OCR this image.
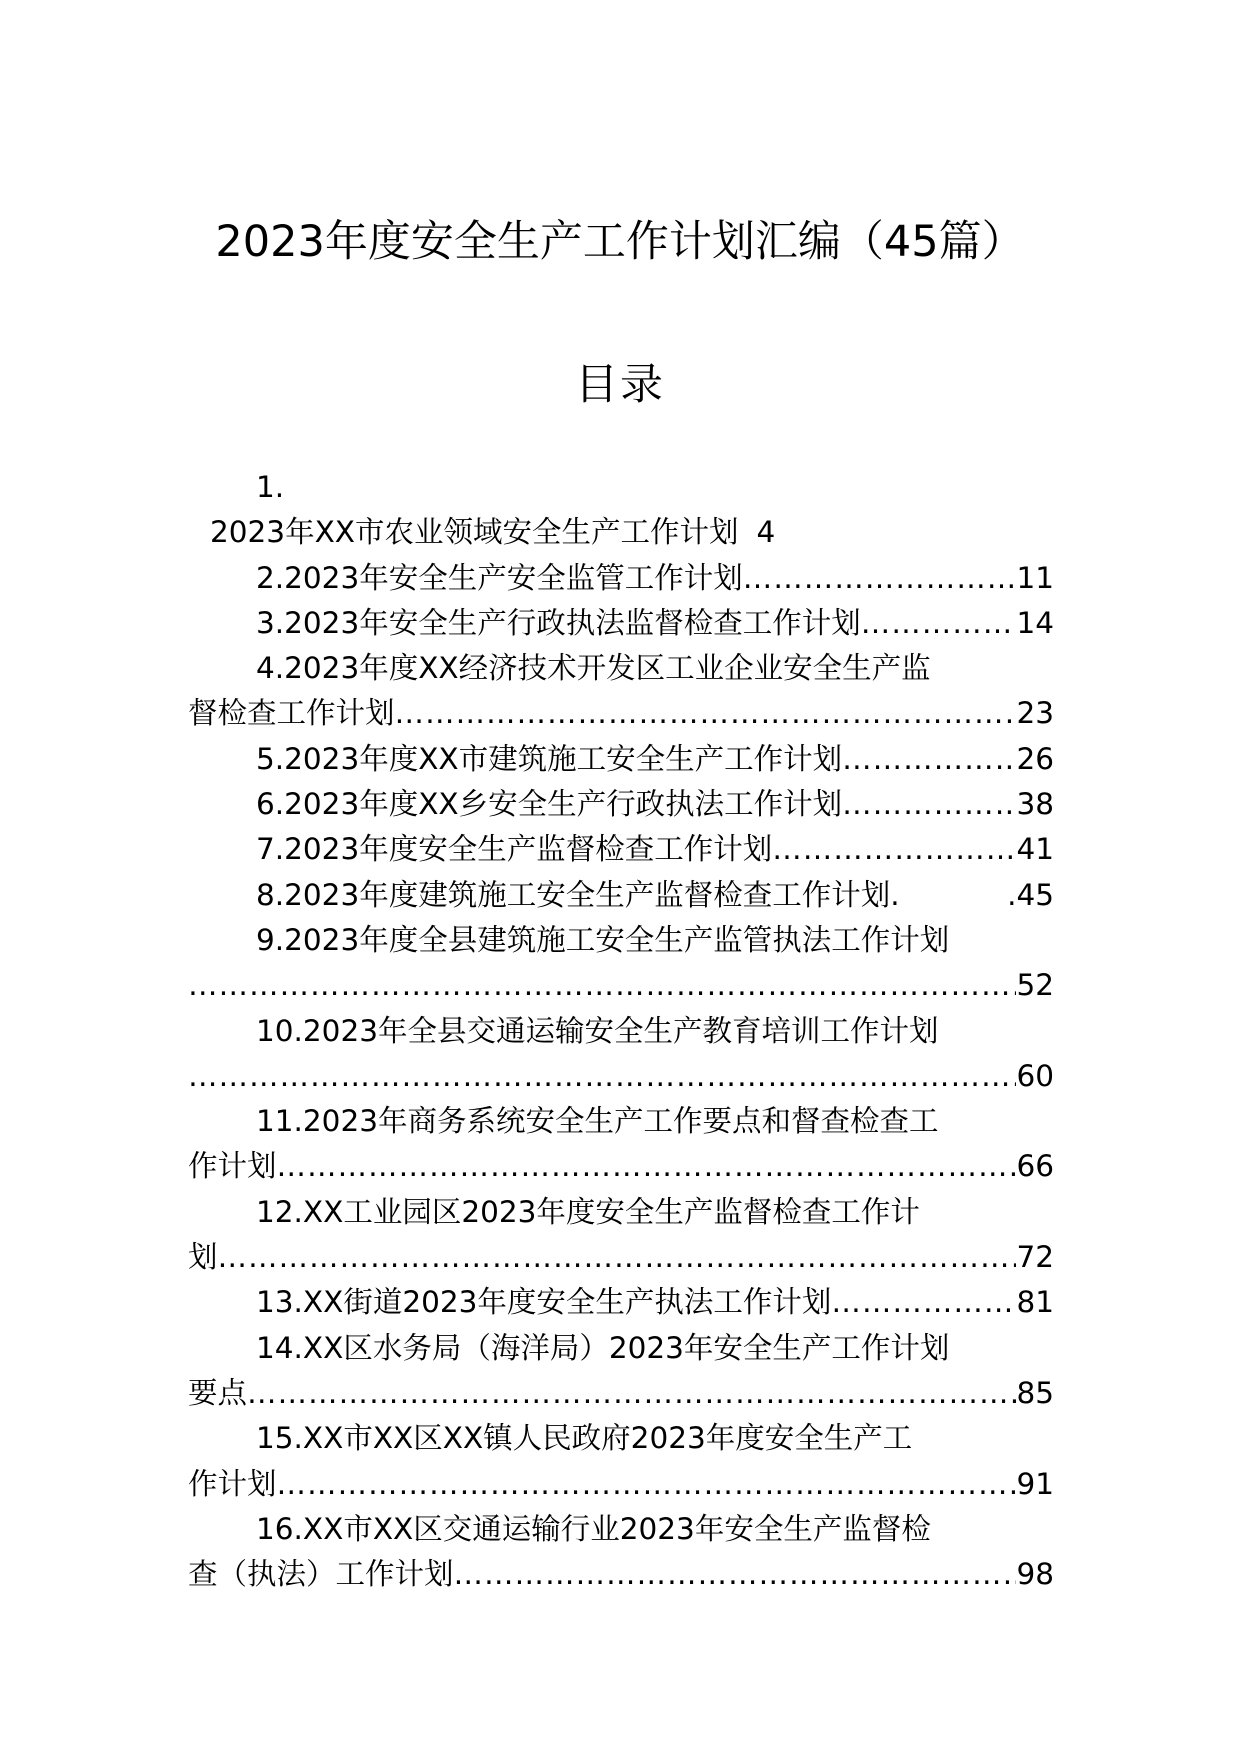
2023年度安全生产工作计划汇编（45篇）
目录
1.
2023年XX市农业领域安全生产工作计划 4
2.2023年安全生产安全监管工作计划 ………………………………………………………………………………………………………………………………………………………………………………	11
3.2023年安全生产行政执法监督检查工作计划 ………………………………………………………………………………………………………………………………………………………………………………	14
4.2023年度XX经济技术开发区工业企业安全生产监
督检查工作计划 ………………………………………………………………………………………………………………………………………………………………………………	23
5.2023年度XX市建筑施工安全生产工作计划 ………………………………………………………………………………………………………………………………………………………………………………	26
6.2023年度XX乡安全生产行政执法工作计划 ………………………………………………………………………………………………………………………………………………………………………………	38
7.2023年度安全生产监督检查工作计划 ………………………………………………………………………………………………………………………………………………………………………………	41
8.2023年度建筑施工安全生产监督检查工作计划.	.45
9.2023年度全县建筑施工安全生产监管执法工作计划
………………………………………………………………………………………………………………………………………………………………………………
52
10.2023年全县交通运输安全生产教育培训工作计划
………………………………………………………………………………………………………………………………………………………………………………
60
11.2023年商务系统安全生产工作要点和督查检查工
作计划 ………………………………………………………………………………………………………………………………………………………………………………	66
12.XX工业园区2023年度安全生产监督检查工作计
划 ………………………………………………………………………………………………………………………………………………………………………………	72
13.XX街道2023年度安全生产执法工作计划 ………………………………………………………………………………………………………………………………………………………………………………	81
14.XX区水务局（海洋局）2023年安全生产工作计划
要点 ………………………………………………………………………………………………………………………………………………………………………………	85
15.XX市XX区XX镇人民政府2023年度安全生产工
作计划 ………………………………………………………………………………………………………………………………………………………………………………	91
16.XX市XX区交通运输行业2023年安全生产监督检
查（执法）工作计划 ………………………………………………………………………………………………………………………………………………………………………………	98
